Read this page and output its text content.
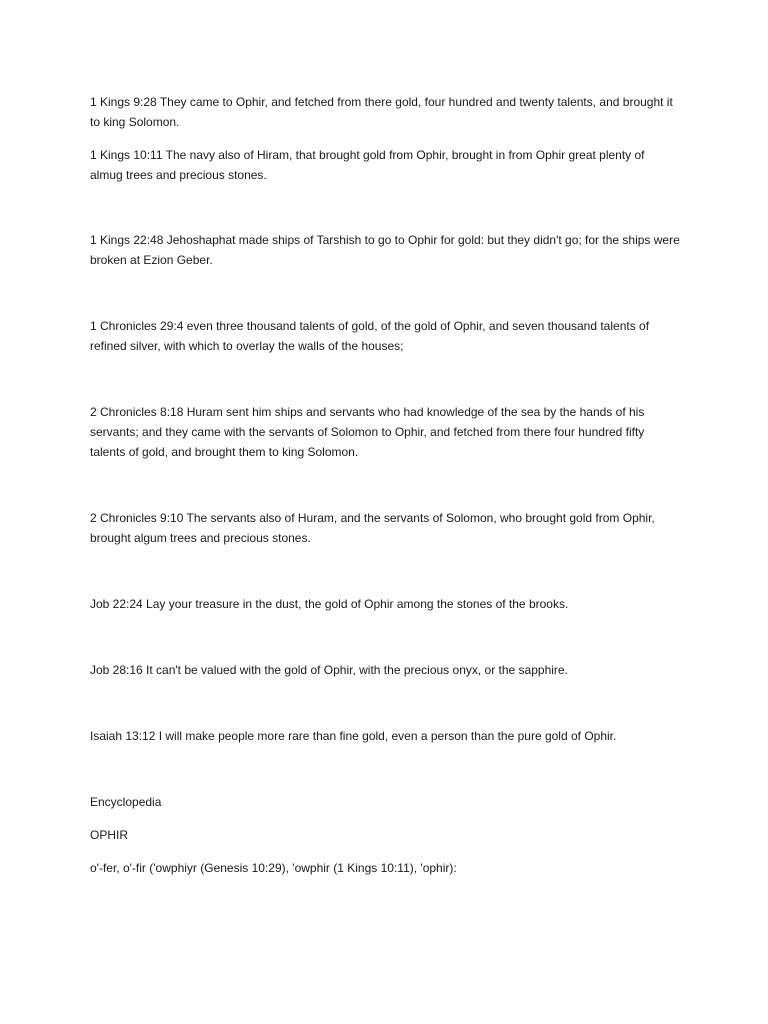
1 Kings 9:28 They came to Ophir, and fetched from there gold, four hundred and twenty talents, and brought it to king Solomon.

1 Kings 10:11 The navy also of Hiram, that brought gold from Ophir, brought in from Ophir great plenty of almug trees and precious stones.

1 Kings 22:48 Jehoshaphat made ships of Tarshish to go to Ophir for gold: but they didn't go; for the ships were broken at Ezion Geber.

1 Chronicles 29:4 even three thousand talents of gold, of the gold of Ophir, and seven thousand talents of refined silver, with which to overlay the walls of the houses;

2 Chronicles 8:18 Huram sent him ships and servants who had knowledge of the sea by the hands of his servants; and they came with the servants of Solomon to Ophir, and fetched from there four hundred fifty talents of gold, and brought them to king Solomon.

2 Chronicles 9:10 The servants also of Huram, and the servants of Solomon, who brought gold from Ophir, brought algum trees and precious stones.

Job 22:24 Lay your treasure in the dust, the gold of Ophir among the stones of the brooks.

Job 28:16 It can't be valued with the gold of Ophir, with the precious onyx, or the sapphire.

Isaiah 13:12 I will make people more rare than fine gold, even a person than the pure gold of Ophir.

Encyclopedia

OPHIR

o'-fer, o'-fir ('owphiyr (Genesis 10:29), 'owphir (1 Kings 10:11), 'ophir):
